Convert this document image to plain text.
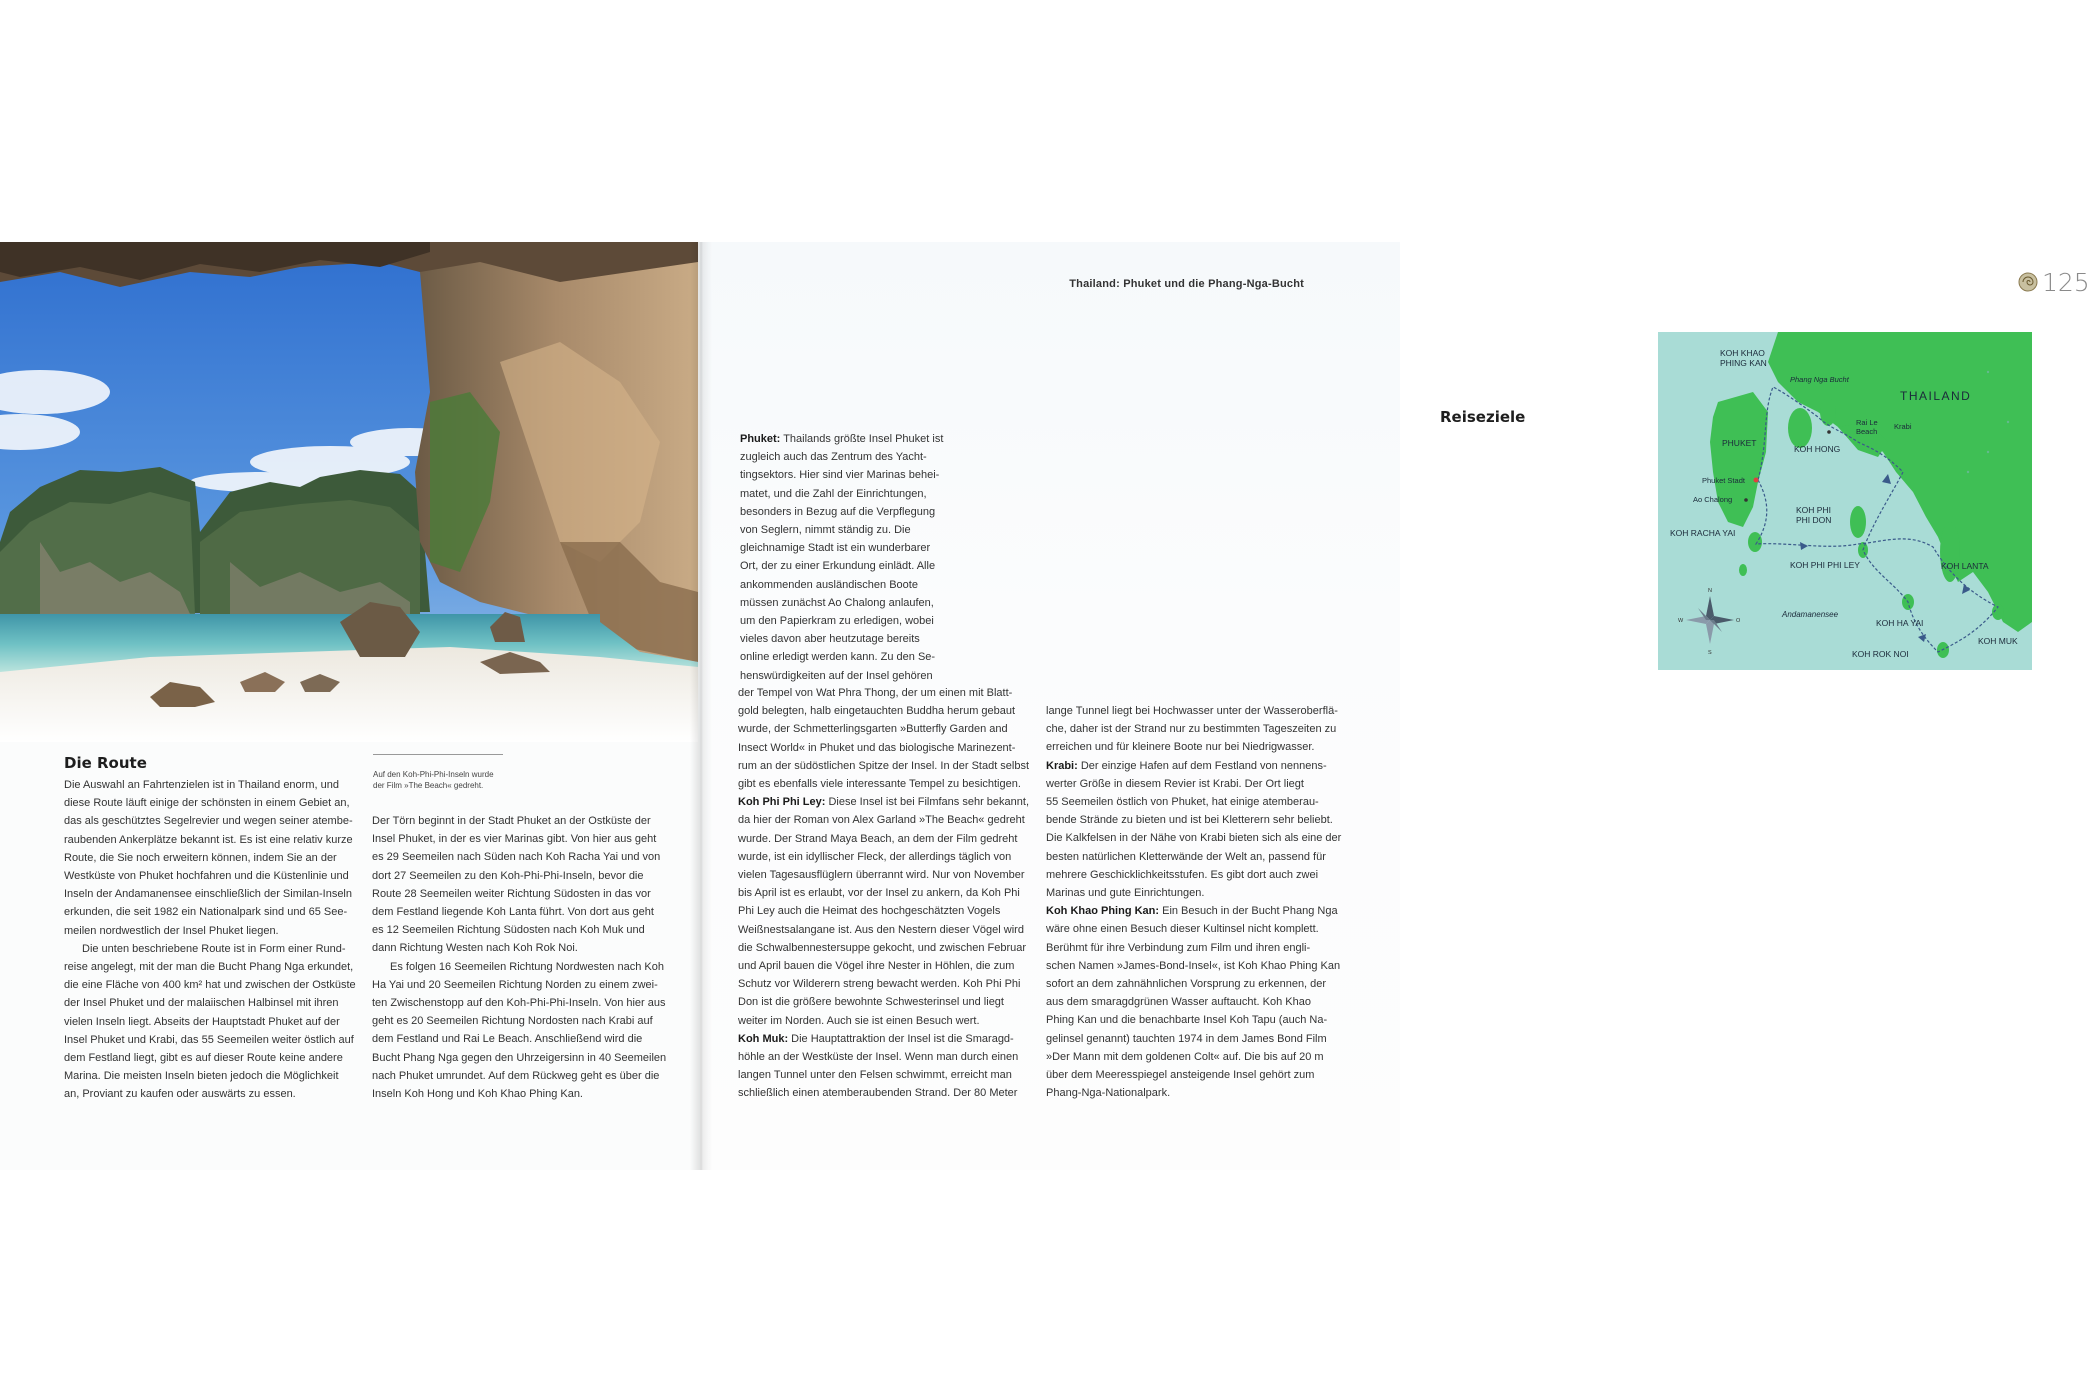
Die Route
Auf den Koh-Phi-Phi-Inseln wurde
der Film »The Beach« gedreht.

Die Auswahl an Fahrtenzielen ist in Thailand enorm, und

diese Route läuft einige der schönsten in einem Gebiet an,

das als geschütztes Segelrevier und wegen seiner atembe-

raubenden Ankerplätze bekannt ist. Es ist eine relativ kurze

Route, die Sie noch erweitern können, indem Sie an der

Westküste von Phuket hochfahren und die Küstenlinie und

Inseln der Andamanensee einschließlich der Similan-Inseln

erkunden, die seit 1982 ein Nationalpark sind und 65 See-

meilen nordwestlich der Insel Phuket liegen.

Die unten beschriebene Route ist in Form einer Rund-

reise angelegt, mit der man die Bucht Phang Nga erkundet,

die eine Fläche von 400 km² hat und zwischen der Ostküste

der Insel Phuket und der malaiischen Halbinsel mit ihren

vielen Inseln liegt. Abseits der Hauptstadt Phuket auf der

Insel Phuket und Krabi, das 55 Seemeilen weiter östlich auf

dem Festland liegt, gibt es auf dieser Route keine andere

Marina. Die meisten Inseln bieten jedoch die Möglichkeit

an, Proviant zu kaufen oder auswärts zu essen.

Der Törn beginnt in der Stadt Phuket an der Ostküste der

Insel Phuket, in der es vier Marinas gibt. Von hier aus geht

es 29 Seemeilen nach Süden nach Koh Racha Yai und von

dort 27 Seemeilen zu den Koh-Phi-Phi-Inseln, bevor die

Route 28 Seemeilen weiter Richtung Südosten in das vor

dem Festland liegende Koh Lanta führt. Von dort aus geht

es 12 Seemeilen Richtung Südosten nach Koh Muk und

dann Richtung Westen nach Koh Rok Noi.

Es folgen 16 Seemeilen Richtung Nordwesten nach Koh

Ha Yai und 20 Seemeilen Richtung Norden zu einem zwei-

ten Zwischenstopp auf den Koh-Phi-Phi-Inseln. Von hier aus

geht es 20 Seemeilen Richtung Nordosten nach Krabi auf

dem Festland und Rai Le Beach. Anschließend wird die

Bucht Phang Nga gegen den Uhrzeigersinn in 40 Seemeilen

nach Phuket umrundet. Auf dem Rückweg geht es über die

Inseln Koh Hong und Koh Khao Phing Kan.

Thailand: Phuket und die Phang-Nga-Bucht	125
Reiseziele

Phuket: Thailands größte Insel Phuket ist

zugleich auch das Zentrum des Yacht-

tingsektors. Hier sind vier Marinas behei-

matet, und die Zahl der Einrichtungen,

besonders in Bezug auf die Verpflegung

von Seglern, nimmt ständig zu. Die

gleichnamige Stadt ist ein wunderbarer

Ort, der zu einer Erkundung einlädt. Alle

ankommenden ausländischen Boote

müssen zunächst Ao Chalong anlaufen,

um den Papierkram zu erledigen, wobei

vieles davon aber heutzutage bereits

online erledigt werden kann. Zu den Se-

henswürdigkeiten auf der Insel gehören

der Tempel von Wat Phra Thong, der um einen mit Blatt-

gold belegten, halb eingetauchten Buddha herum gebaut

wurde, der Schmetterlingsgarten »Butterfly Garden and

Insect World« in Phuket und das biologische Marinezent-

rum an der südöstlichen Spitze der Insel. In der Stadt selbst

gibt es ebenfalls viele interessante Tempel zu besichtigen.

Koh Phi Phi Ley: Diese Insel ist bei Filmfans sehr bekannt,

da hier der Roman von Alex Garland »The Beach« gedreht

wurde. Der Strand Maya Beach, an dem der Film gedreht

wurde, ist ein idyllischer Fleck, der allerdings täglich von

vielen Tagesausflüglern überrannt wird. Nur von November

bis April ist es erlaubt, vor der Insel zu ankern, da Koh Phi

Phi Ley auch die Heimat des hochgeschätzten Vogels

Weißnestsalangane ist. Aus den Nestern dieser Vögel wird

die Schwalbennestersuppe gekocht, und zwischen Februar

und April bauen die Vögel ihre Nester in Höhlen, die zum

Schutz vor Wilderern streng bewacht werden. Koh Phi Phi

Don ist die größere bewohnte Schwesterinsel und liegt

weiter im Norden. Auch sie ist einen Besuch wert.

Koh Muk: Die Hauptattraktion der Insel ist die Smaragd-

höhle an der Westküste der Insel. Wenn man durch einen

langen Tunnel unter den Felsen schwimmt, erreicht man

schließlich einen atemberaubenden Strand. Der 80 Meter

lange Tunnel liegt bei Hochwasser unter der Wasseroberflä-

che, daher ist der Strand nur zu bestimmten Tageszeiten zu

erreichen und für kleinere Boote nur bei Niedrigwasser.

Krabi: Der einzige Hafen auf dem Festland von nennens-

werter Größe in diesem Revier ist Krabi. Der Ort liegt

55 Seemeilen östlich von Phuket, hat einige atemberau-

bende Strände zu bieten und ist bei Kletterern sehr beliebt.

Die Kalkfelsen in der Nähe von Krabi bieten sich als eine der

besten natürlichen Kletterwände der Welt an, passend für

mehrere Geschicklichkeitsstufen. Es gibt dort auch zwei

Marinas und gute Einrichtungen.

Koh Khao Phing Kan: Ein Besuch in der Bucht Phang Nga

wäre ohne einen Besuch dieser Kultinsel nicht komplett.

Berühmt für ihre Verbindung zum Film und ihren engli-

schen Namen »James-Bond-Insel«, ist Koh Khao Phing Kan

sofort an dem zahnähnlichen Vorsprung zu erkennen, der

aus dem smaragdgrünen Wasser auftaucht. Koh Khao

Phing Kan und die benachbarte Insel Koh Tapu (auch Na-

gelinsel genannt) tauchten 1974 in dem James Bond Film

»Der Mann mit dem goldenen Colt« auf. Die bis auf 20 m

über dem Meeresspiegel ansteigende Insel gehört zum

Phang-Nga-Nationalpark.

KOH KHAO
PHING KAN
Phang Nga Bucht
THAILAND
PHUKET
Rai Le
Beach
Krabi
KOH HONG
Phuket Stadt
Ao Chalong
KOH PHI
PHI DON
KOH RACHA YAI
KOH PHI PHI LEY	KOH LANTA
Andamanensee
KOH HA YAI
KOH MUK
KOH ROK NOI
N
S
W	O
